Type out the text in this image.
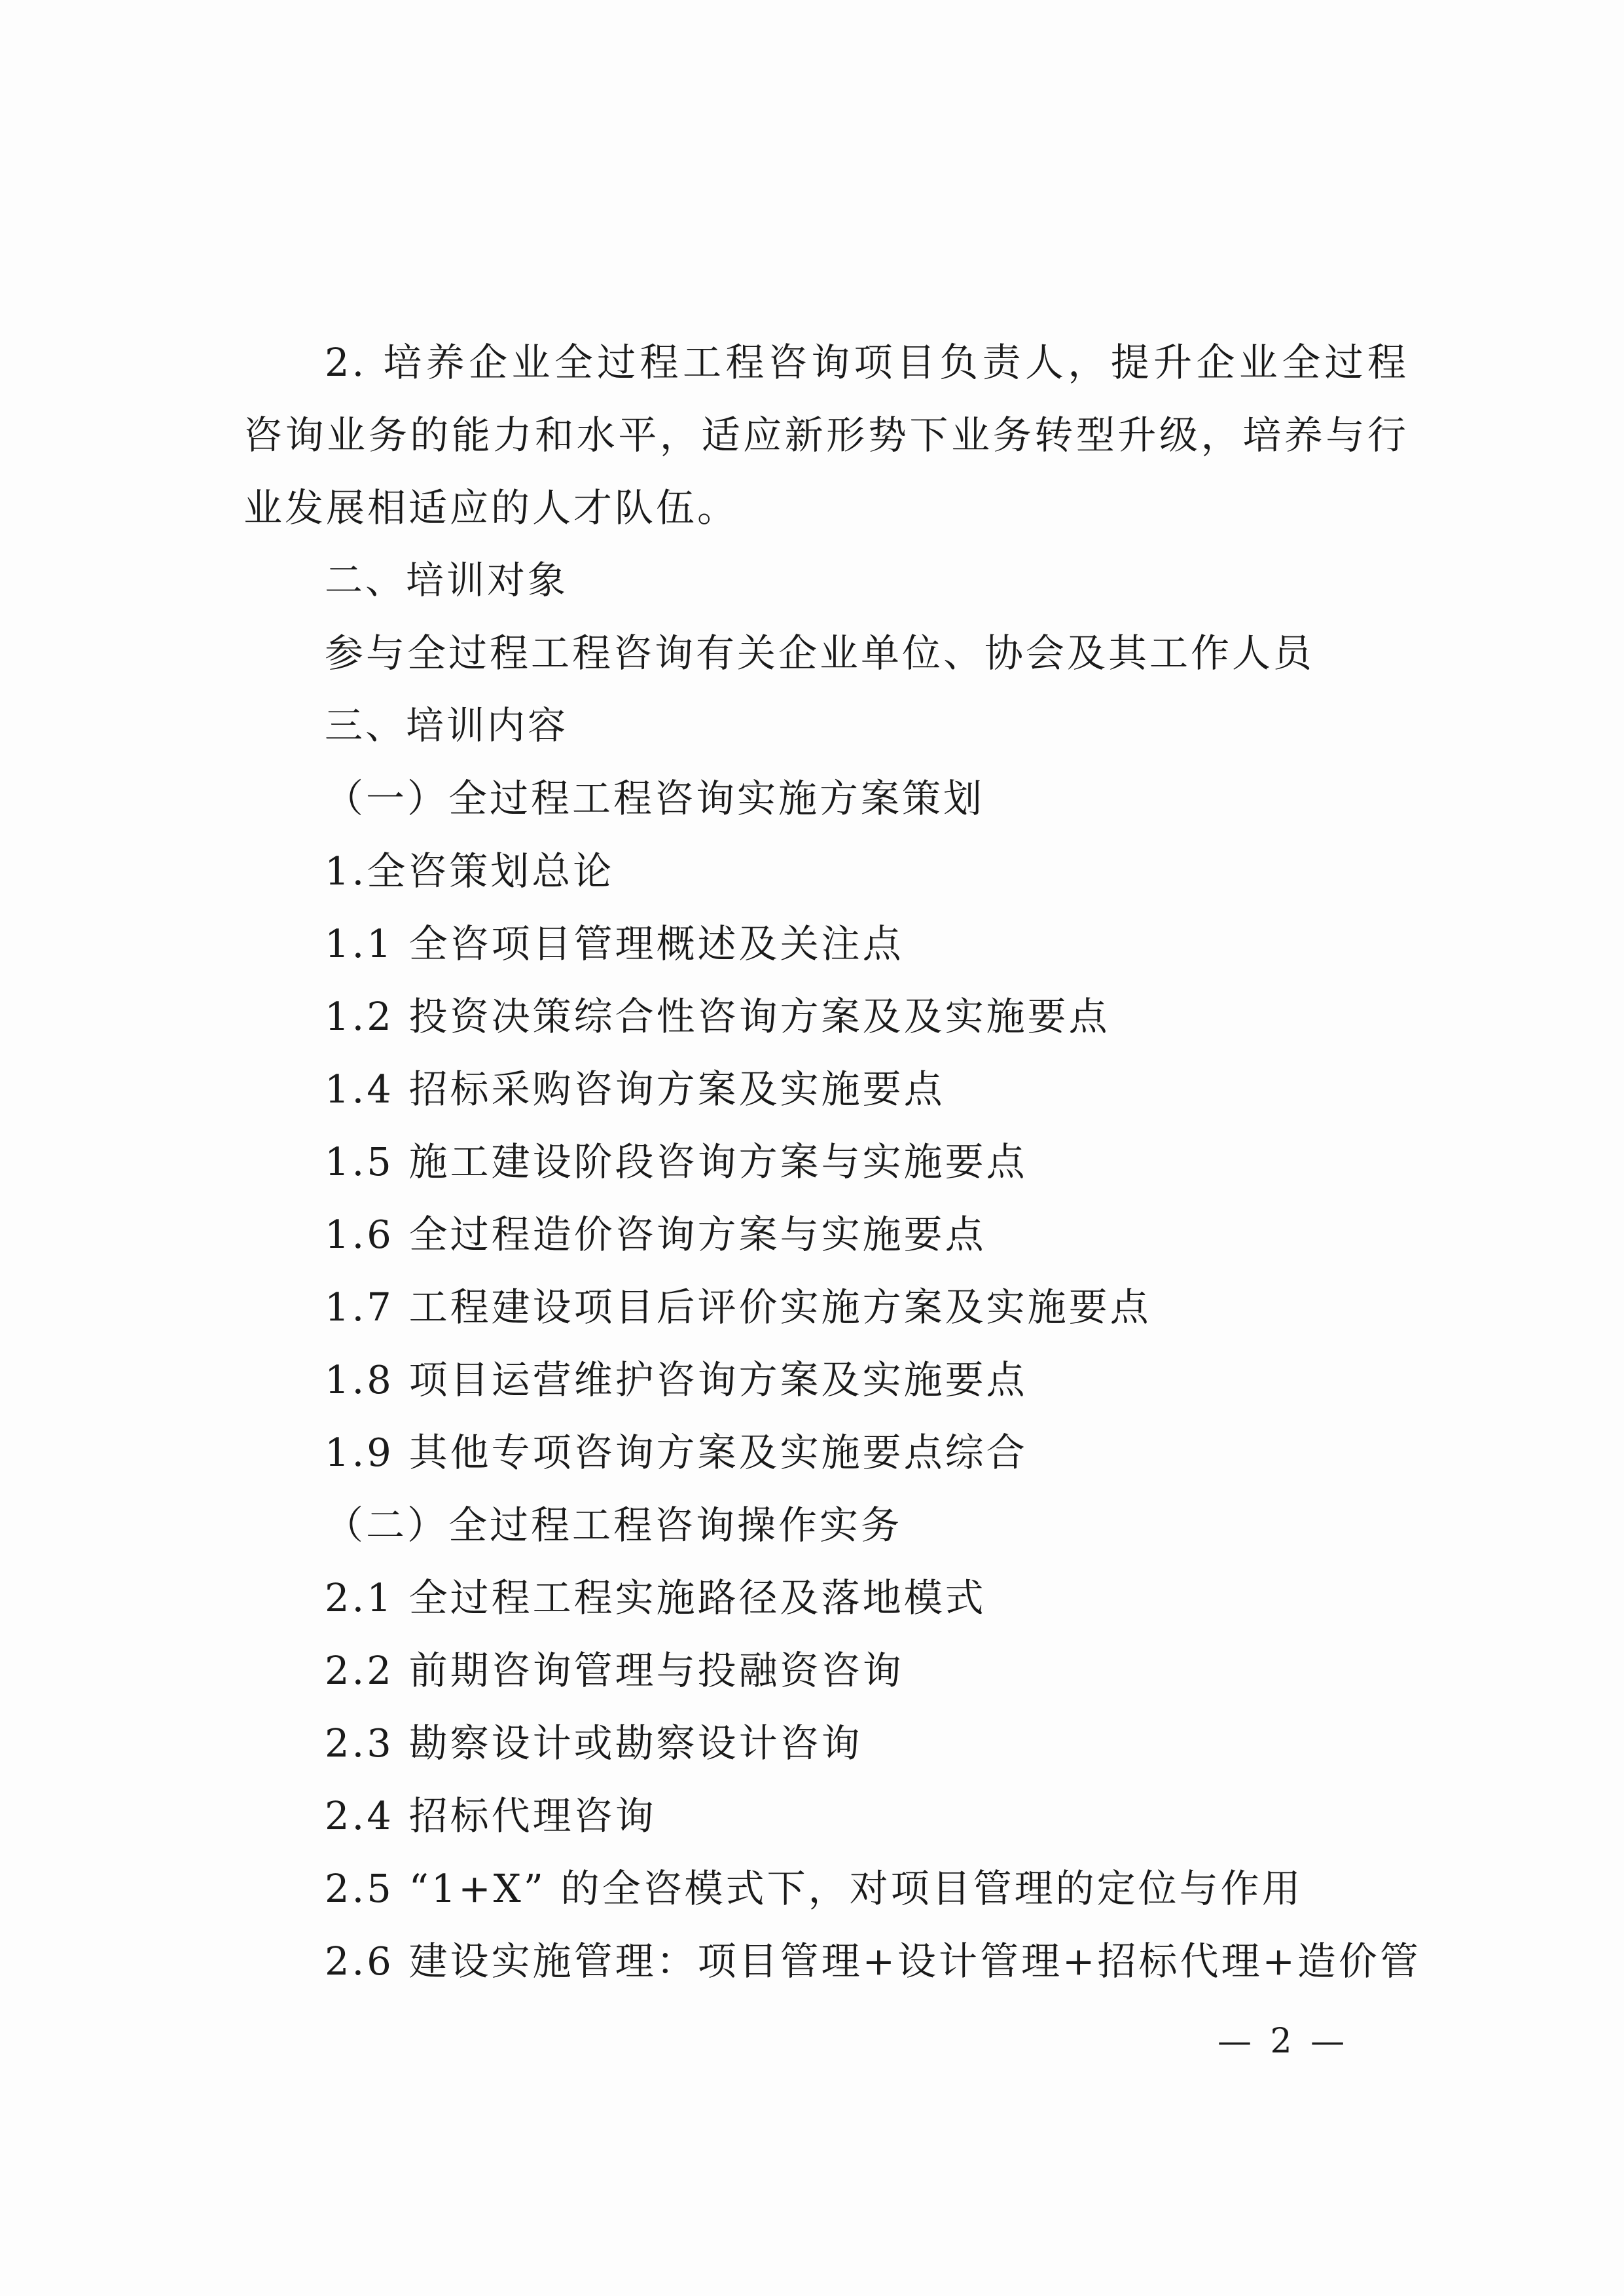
2. 培养企业全过程工程咨询项目负责人，提升企业全过程咨询业务的能力和水平，适应新形势下业务转型升级，培养与行业发展相适应的人才队伍。

二、培训对象

参与全过程工程咨询有关企业单位、协会及其工作人员

三、培训内容

（一）全过程工程咨询实施方案策划

1.全咨策划总论

1.1 全咨项目管理概述及关注点

1.2 投资决策综合性咨询方案及及实施要点

1.4 招标采购咨询方案及实施要点

1.5 施工建设阶段咨询方案与实施要点

1.6 全过程造价咨询方案与实施要点

1.7 工程建设项目后评价实施方案及实施要点

1.8 项目运营维护咨询方案及实施要点

1.9 其他专项咨询方案及实施要点综合

（二）全过程工程咨询操作实务

2.1 全过程工程实施路径及落地模式

2.2 前期咨询管理与投融资咨询

2.3 勘察设计或勘察设计咨询

2.4 招标代理咨询

2.5 “1+X” 的全咨模式下，对项目管理的定位与作用

2.6 建设实施管理：项目管理+设计管理+招标代理+造价管

— 2 —
